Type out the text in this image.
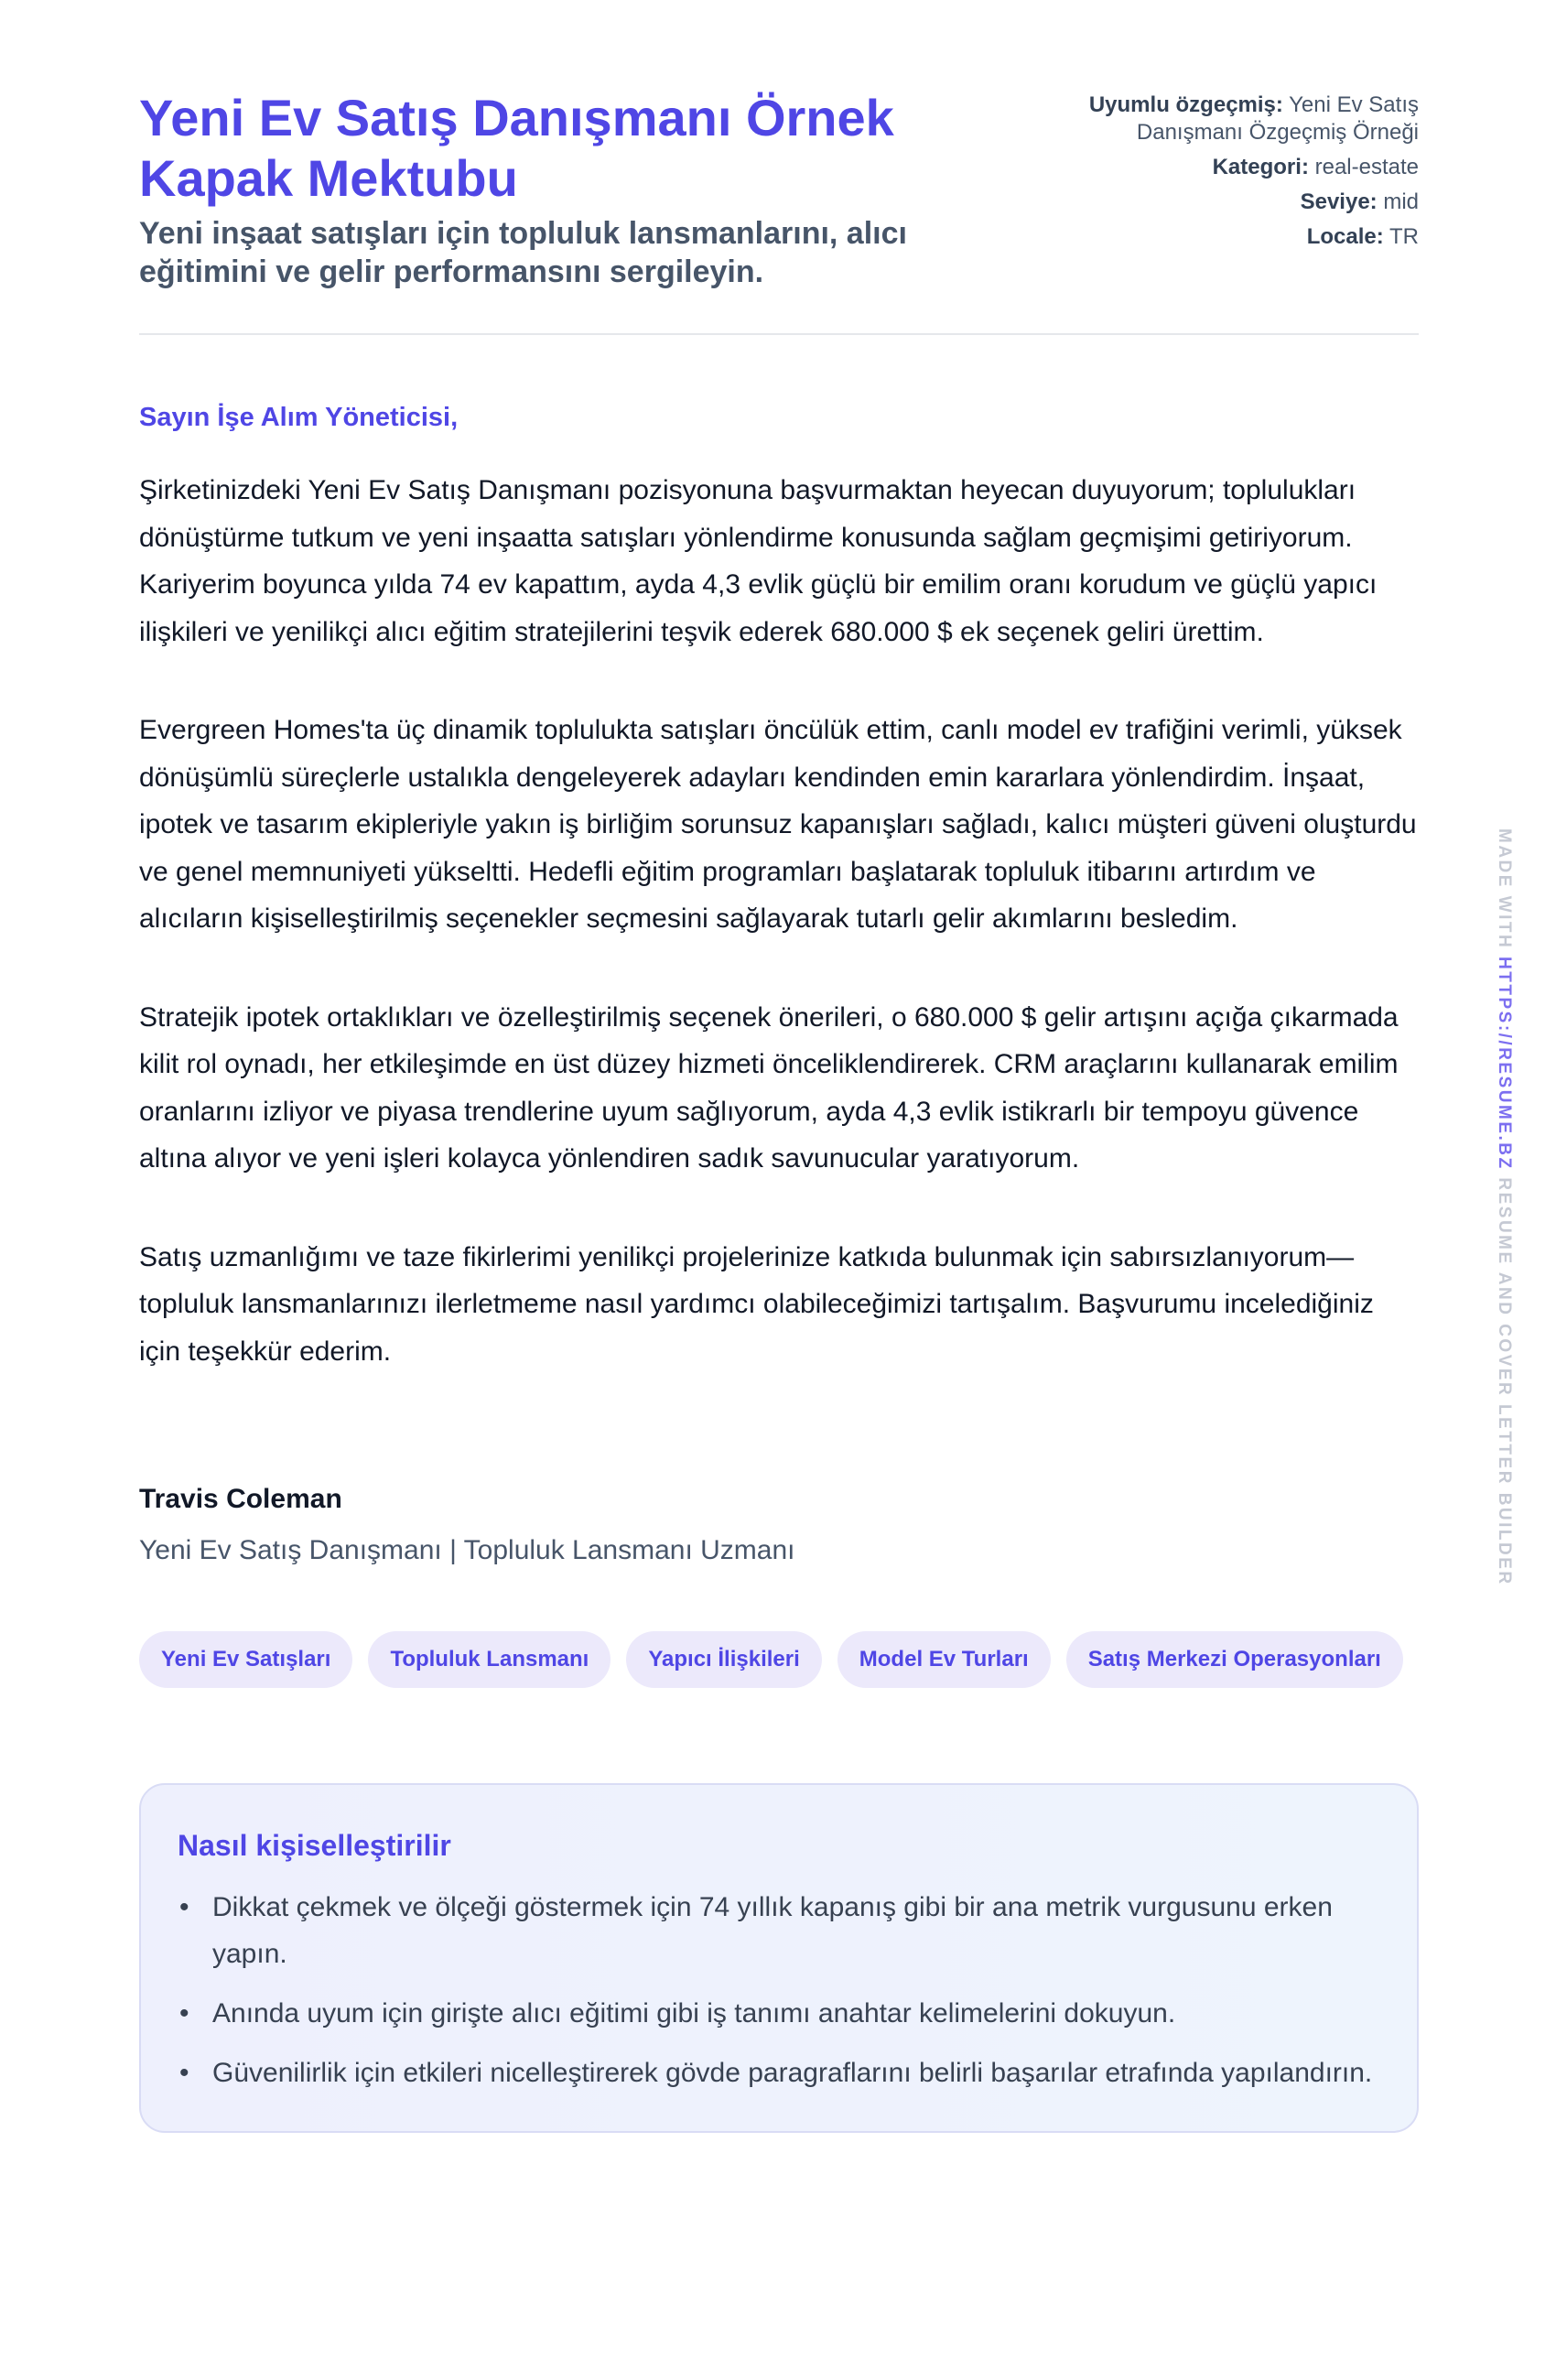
Yeni Ev Satış Danışmanı Örnek Kapak Mektubu

Yeni inşaat satışları için topluluk lansmanlarını, alıcı eğitimini ve gelir performansını sergileyin.

Uyumlu özgeçmiş: Yeni Ev Satış Danışmanı Özgeçmiş Örneği
Kategori: real-estate
Seviye: mid
Locale: TR

Sayın İşe Alım Yöneticisi,

Şirketinizdeki Yeni Ev Satış Danışmanı pozisyonuna başvurmaktan heyecan duyuyorum; toplulukları dönüştürme tutkum ve yeni inşaatta satışları yönlendirme konusunda sağlam geçmişimi getiriyorum. Kariyerim boyunca yılda 74 ev kapattım, ayda 4,3 evlik güçlü bir emilim oranı korudum ve güçlü yapıcı ilişkileri ve yenilikçi alıcı eğitim stratejilerini teşvik ederek 680.000 $ ek seçenek geliri ürettim.

Evergreen Homes'ta üç dinamik toplulukta satışları öncülük ettim, canlı model ev trafiğini verimli, yüksek dönüşümlü süreçlerle ustalıkla dengeleyerek adayları kendinden emin kararlara yönlendirdim. İnşaat, ipotek ve tasarım ekipleriyle yakın iş birliğim sorunsuz kapanışları sağladı, kalıcı müşteri güveni oluşturdu ve genel memnuniyeti yükseltti. Hedefli eğitim programları başlatarak topluluk itibarını artırdım ve alıcıların kişiselleştirilmiş seçenekler seçmesini sağlayarak tutarlı gelir akımlarını besledim.

Stratejik ipotek ortaklıkları ve özelleştirilmiş seçenek önerileri, o 680.000 $ gelir artışını açığa çıkarmada kilit rol oynadı, her etkileşimde en üst düzey hizmeti önceliklendirerek. CRM araçlarını kullanarak emilim oranlarını izliyor ve piyasa trendlerine uyum sağlıyorum, ayda 4,3 evlik istikrarlı bir tempoyu güvence altına alıyor ve yeni işleri kolayca yönlendiren sadık savunucular yaratıyorum.

Satış uzmanlığımı ve taze fikirlerimi yenilikçi projelerinize katkıda bulunmak için sabırsızlanıyorum—topluluk lansmanlarınızı ilerletmeme nasıl yardımcı olabileceğimizi tartışalım. Başvurumu incelediğiniz için teşekkür ederim.

Travis Coleman
Yeni Ev Satış Danışmanı | Topluluk Lansmanı Uzmanı
Yeni Ev Satışları	Topluluk Lansmanı	Yapıcı İlişkileri	Model Ev Turları	Satış Merkezi Operasyonları
Nasıl kişiselleştirilir
• Dikkat çekmek ve ölçeği göstermek için 74 yıllık kapanış gibi bir ana metrik vurgusunu erken yapın.
• Anında uyum için girişte alıcı eğitimi gibi iş tanımı anahtar kelimelerini dokuyun.
• Güvenilirlik için etkileri nicelleştirerek gövde paragraflarını belirli başarılar etrafında yapılandırın.
MADE WITH HTTPS://RESUME.BZ RESUME AND COVER LETTER BUILDER
